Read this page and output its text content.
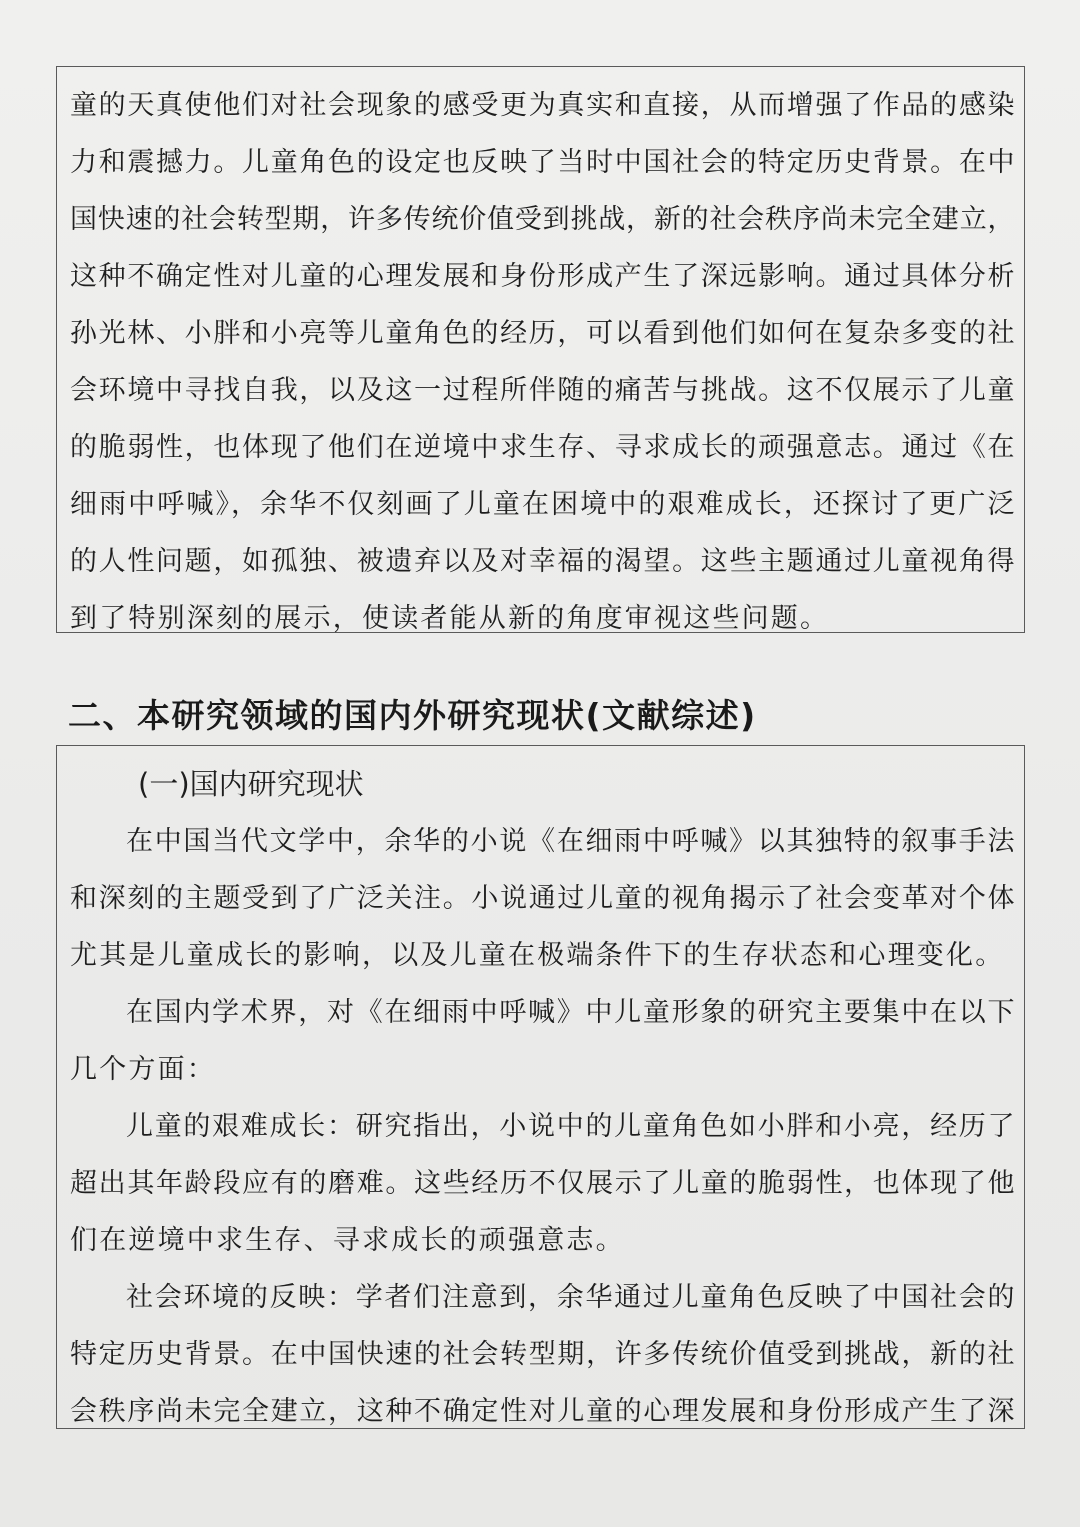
童的天真使他们对社会现象的感受更为真实和直接，从而增强了作品的感染
力和震撼力。儿童角色的设定也反映了当时中国社会的特定历史背景。在中
国快速的社会转型期，许多传统价值受到挑战，新的社会秩序尚未完全建立，
这种不确定性对儿童的心理发展和身份形成产生了深远影响。通过具体分析
孙光林、小胖和小亮等儿童角色的经历，可以看到他们如何在复杂多变的社
会环境中寻找自我，以及这一过程所伴随的痛苦与挑战。这不仅展示了儿童
的脆弱性，也体现了他们在逆境中求生存、寻求成长的顽强意志。通过《在
细雨中呼喊》，余华不仅刻画了儿童在困境中的艰难成长，还探讨了更广泛
的人性问题，如孤独、被遗弃以及对幸福的渴望。这些主题通过儿童视角得
到了特别深刻的展示，使读者能从新的角度审视这些问题。
二、本研究领域的国内外研究现状(文献综述)
(一)国内研究现状
在中国当代文学中，余华的小说《在细雨中呼喊》以其独特的叙事手法
和深刻的主题受到了广泛关注。小说通过儿童的视角揭示了社会变革对个体
尤其是儿童成长的影响，以及儿童在极端条件下的生存状态和心理变化。
在国内学术界，对《在细雨中呼喊》中儿童形象的研究主要集中在以下
几个方面：
儿童的艰难成长：研究指出，小说中的儿童角色如小胖和小亮，经历了
超出其年龄段应有的磨难。这些经历不仅展示了儿童的脆弱性，也体现了他
们在逆境中求生存、寻求成长的顽强意志。
社会环境的反映：学者们注意到，余华通过儿童角色反映了中国社会的
特定历史背景。在中国快速的社会转型期，许多传统价值受到挑战，新的社
会秩序尚未完全建立，这种不确定性对儿童的心理发展和身份形成产生了深
